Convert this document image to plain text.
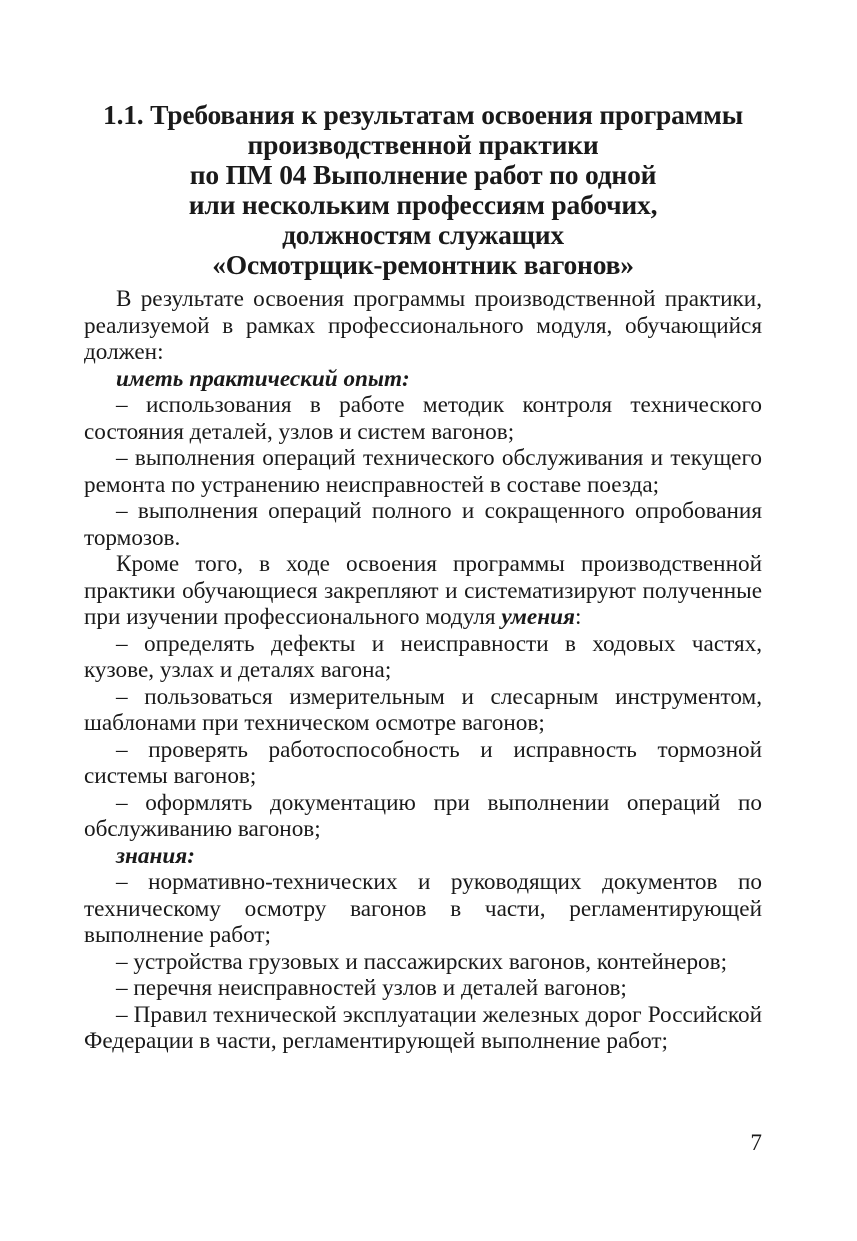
1.1. Требования к результатам освоения программы
производственной практики
по ПМ 04 Выполнение работ по одной
или нескольким профессиям рабочих,
должностям служащих
«Осмотрщик-ремонтник вагонов»

В результате освоения программы производственной практики, реализуемой в рамках профессионального модуля, обучающийся должен:

иметь практический опыт:

– использования в работе методик контроля технического состояния деталей, узлов и систем вагонов;

– выполнения операций технического обслуживания и текущего ремонта по устранению неисправностей в составе поезда;

– выполнения операций полного и сокращенного опробования тормозов.

Кроме того, в ходе освоения программы производственной практики обучающиеся закрепляют и систематизируют полученные при изучении профессионального модуля умения:

– определять дефекты и неисправности в ходовых частях, кузове, узлах и деталях вагона;

– пользоваться измерительным и слесарным инструментом, шаблонами при техническом осмотре вагонов;

– проверять работоспособность и исправность тормозной системы вагонов;

– оформлять документацию при выполнении операций по обслуживанию вагонов;

знания:

– нормативно-технических и руководящих документов по техническому осмотру вагонов в части, регламентирующей выполнение работ;

– устройства грузовых и пассажирских вагонов, контейнеров;

– перечня неисправностей узлов и деталей вагонов;

– Правил технической эксплуатации железных дорог Российской Федерации в части, регламентирующей выполнение работ;

7
